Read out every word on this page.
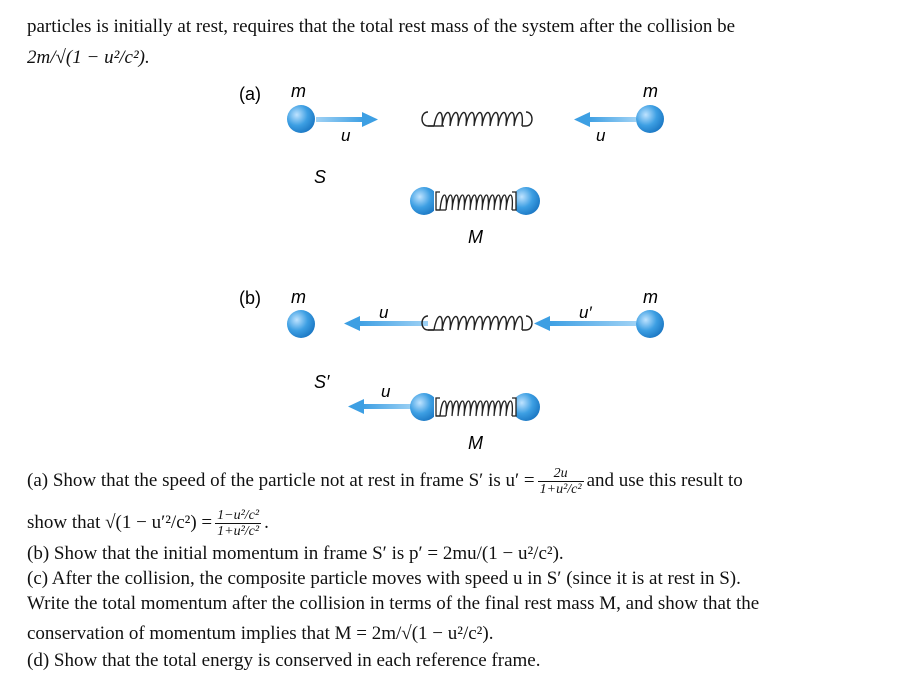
particles is initially at rest, requires that the total rest mass of the system after the collision be
2m/√(1 − u²/c²).
(a) m	m
u	u
S
M
(b) m	m
u	u′
S′	u
M
(a) Show that the speed of the particle not at rest in frame S′ is $u' = \frac{2u}{\text{1+u²/c²}}$ and use this result to
show that $√(1 - u'^2/c^2) = \frac{\text{1−u²/c²}}{\text{1+u²/c²}}$ .
(b) Show that the initial momentum in frame S′ is p′ = 2mu/(1 − u²/c²).
(c) After the collision, the composite particle moves with speed u in S′ (since it is at rest in S).
Write the total momentum after the collision in terms of the final rest mass M, and show that the
conservation of momentum implies that M = 2m/√(1 − u²/c²).
(d) Show that the total energy is conserved in each reference frame.
